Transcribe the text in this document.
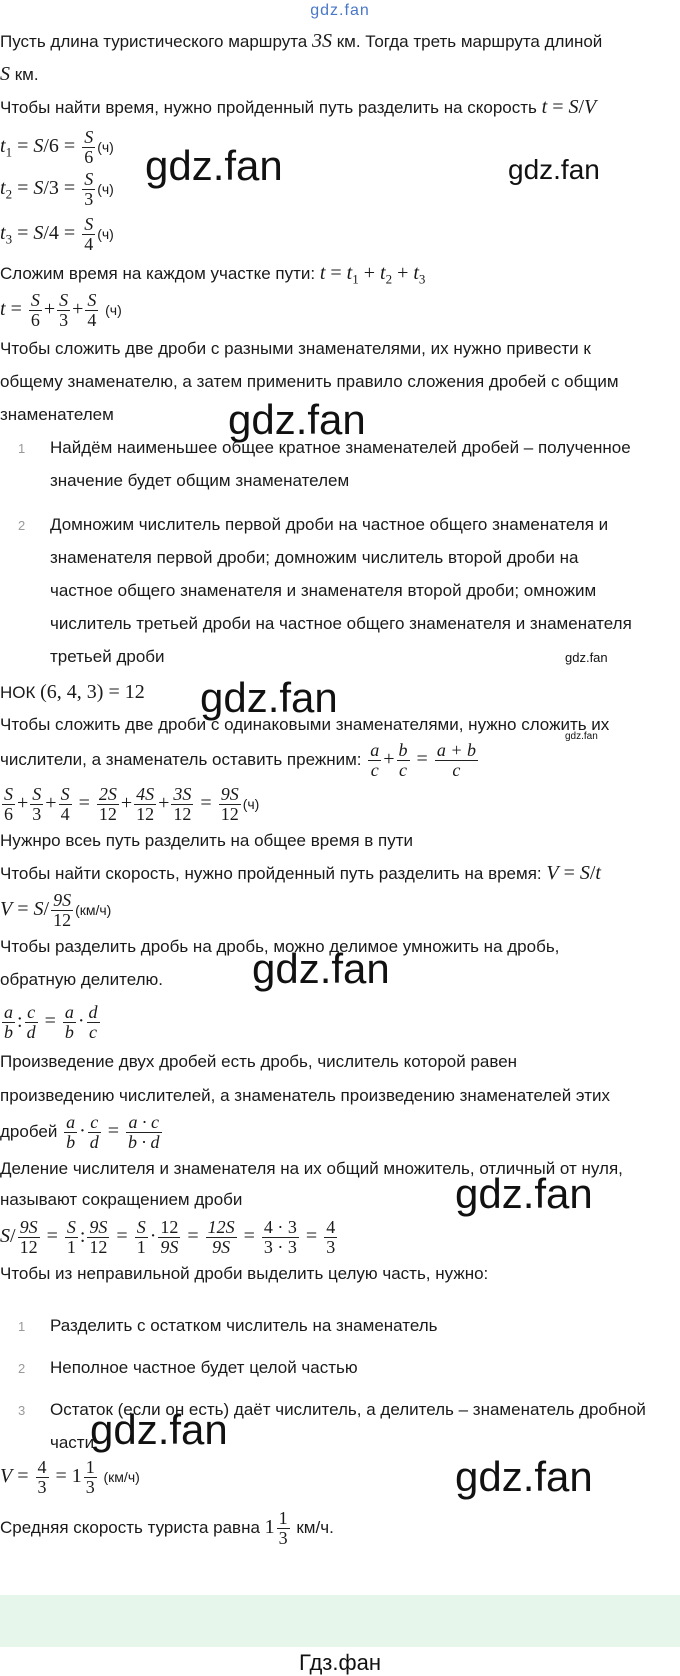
gdz.fan
Пусть длина туристического маршрута 3S км. Тогда треть маршрута длиной
S км.
Чтобы найти время, нужно пройденный путь разделить на скорость t = S/V
$t_1 = S/6 = \frac{S}{6} (ч)$
$t_2 = S/3 = \frac{S}{3} (ч)$
$t_3 = S/4 = \frac{S}{4} (ч)$
Сложим время на каждом участке пути: $t = t_1 + t_2 + t_3$
$t = \frac{S}{6} + \frac{S}{3} + \frac{S}{4} (ч)$
Чтобы сложить две дроби с разными знаменателями, их нужно привести к
общему знаменателю, а затем применить правило сложения дробей с общим
знаменателем
1 Найдём наименьшее общее кратное знаменателей дробей – полученное
значение будет общим знаменателем
2 Домножим числитель первой дроби на частное общего знаменателя и
знаменателя первой дроби; домножим числитель второй дроби на
частное общего знаменателя и знаменателя второй дроби; омножим
числитель третьей дроби на частное общего знаменателя и знаменателя
третьей дроби
НОК (6, 4, 3) = 12
Чтобы сложить две дроби с одинаковыми знаменателями, нужно сложить их
числители, а знаменатель оставить прежним: $\frac{a}{c} + \frac{b}{c} = \frac{a + b}{c}$
$\frac{S}{6} + \frac{S}{3} + \frac{S}{4} = \frac{2S}{12} + \frac{4S}{12} + \frac{3S}{12} = \frac{9S}{12} (ч)$
Нужнро всеь путь разделить на общее время в пути
Чтобы найти скорость, нужно пройденный путь разделить на время: V = S/t
$V = S/ \frac{9S}{12} (км/ч)$
Чтобы разделить дробь на дробь, можно делимое умножить на дробь,
обратную делителю.
$\frac{a}{b}$ : $\frac{c}{d} = \frac{a}{b} \cdot \frac{d}{c}$
Произведение двух дробей есть дробь, числитель которой равен
произведению числителей, а знаменатель произведению знаменателей этих
дробей $\frac{a}{b} \cdot \frac{c}{d} = \frac{a \cdot c}{b \cdot d}$
Деление числителя и знаменателя на их общий множитель, отличный от нуля,
называют сокращением дроби
$S/ \frac{9S}{12} = \frac{S}{1}$ : $\frac{9S}{12} = \frac{S}{1} \cdot \frac{12}{9S} = \frac{12S}{9S} = \frac{4 \cdot 3}{3 \cdot 3} = \frac{4}{3}$
Чтобы из неправильной дроби выделить целую часть, нужно:
1 Разделить с остатком числитель на знаменатель
2 Неполное частное будет целой частью
3 Остаток (если он есть) даёт числитель, а делитель – знаменатель дробной
части
$V = \frac{4}{3} = 1 \frac{1}{3} (км/ч)$
Средняя скорость туриста равна $1 \frac{1}{3} км/ч$.
gdz.fan	gdz.fan
gdz.fan
gdz.fan
gdz.fan
gdz.fan
gdz.fan
gdz.fan
gdz.fan
gdz.fan
Гдз.фан
